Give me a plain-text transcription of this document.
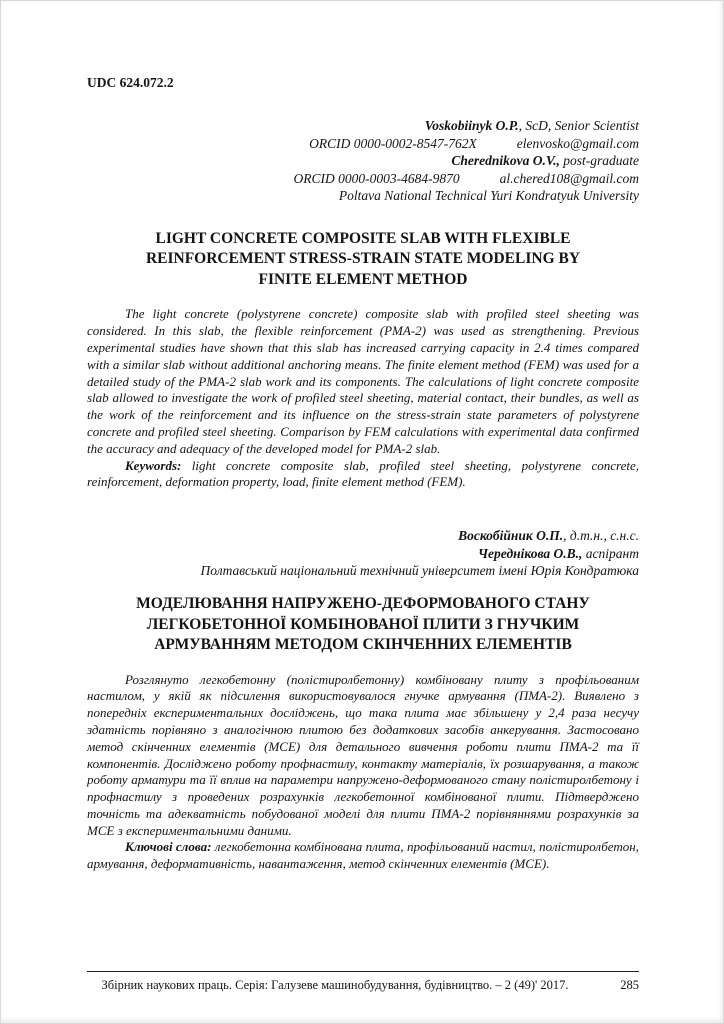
UDC 624.072.2
Voskobiinyk O.P., ScD, Senior Scientist
ORCID 0000-0002-8547-762X	elenvosko@gmail.com
Cherednikova O.V., post-graduate
ORCID 0000-0003-4684-9870	al.chered108@gmail.com
Poltava National Technical Yuri Kondratyuk University
LIGHT CONCRETE COMPOSITE SLAB WITH FLEXIBLE REINFORCEMENT STRESS-STRAIN STATE MODELING BY FINITE ELEMENT METHOD

The light concrete (polystyrene concrete) composite slab with profiled steel sheeting was considered. In this slab, the flexible reinforcement (PMA-2) was used as strengthening. Previous experimental studies have shown that this slab has increased carrying capacity in 2.4 times compared with a similar slab without additional anchoring means. The finite element method (FEM) was used for a detailed study of the PMA-2 slab work and its components. The calculations of light concrete composite slab allowed to investigate the work of profiled steel sheeting, material contact, their bundles, as well as the work of the reinforcement and its influence on the stress-strain state parameters of polystyrene concrete and profiled steel sheeting. Comparison by FEM calculations with experimental data confirmed the accuracy and adequacy of the developed model for PMA-2 slab.

Keywords: light concrete composite slab, profiled steel sheeting, polystyrene concrete, reinforcement, deformation property, load, finite element method (FEM).

Воскобійник О.П., д.т.н., с.н.с.
Череднікова О.В., аспірант
Полтавський національний технічний університет імені Юрія Кондратюка
МОДЕЛЮВАННЯ НАПРУЖЕНО-ДЕФОРМОВАНОГО СТАНУ ЛЕГКОБЕТОННОЇ КОМБІНОВАНОЇ ПЛИТИ З ГНУЧКИМ АРМУВАННЯМ МЕТОДОМ СКІНЧЕННИХ ЕЛЕМЕНТІВ

Розглянуто легкобетонну (полістиролбетонну) комбіновану плиту з профільованим настилом, у якій як підсилення використовувалося гнучке армування (ПМА-2). Виявлено з попередніх експериментальних досліджень, що така плита має збільшену у 2,4 раза несучу здатність порівняно з аналогічною плитою без додаткових засобів анкерування. Застосовано метод скінченних елементів (МСЕ) для детального вивчення роботи плити ПМА-2 та її компонентів. Досліджено роботу профнастилу, контакту матеріалів, їх розшарування, а також роботу арматури та її вплив на параметри напружено-деформованого стану полістиролбетону і профнастилу з проведених розрахунків легкобетонної комбінованої плити. Підтверджено точність та адекватність побудованої моделі для плити ПМА-2 порівняннями розрахунків за МСЕ з експериментальними даними.

Ключові слова: легкобетонна комбінована плита, профільований настил, полістиролбетон, армування, деформативність, навантаження, метод скінченних елементів (МСЕ).

Збірник наукових праць. Серія: Галузеве машинобудування, будівництво. – 2 (49)' 2017.	285
